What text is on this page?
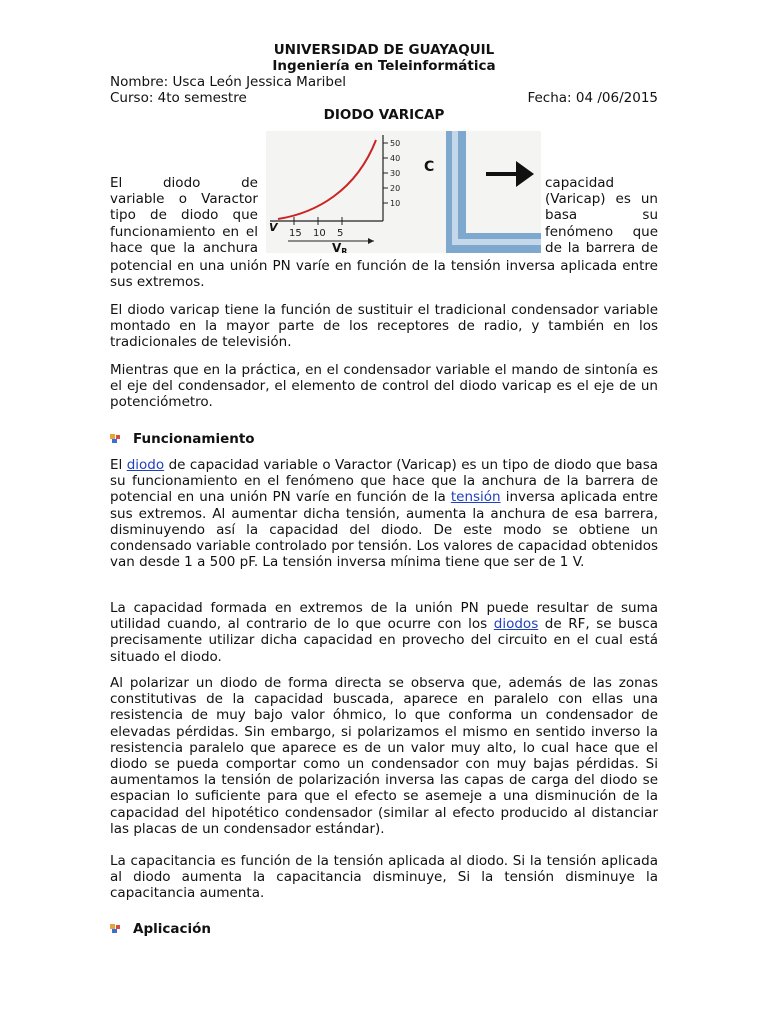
UNIVERSIDAD DE GUAYAQUIL
Ingeniería en Teleinformática
Nombre: Usca León Jessica Maribel
Curso: 4to semestre	Fecha: 04 /06/2015
DIODO VARICAP
50
40
30
20
10
15 10 5
V
VR
C
El	diodo	de
variable o Varactor
tipo de diodo que
funcionamiento en el
hace que la anchura
capacidad
(Varicap) es un
basa	su
fenómeno que
de la barrera de

potencial en una unión PN varíe en función de la tensión inversa aplicada entre sus extremos.

El diodo varicap tiene la función de sustituir el tradicional condensador variable montado en la mayor parte de los receptores de radio, y también en los tradicionales de televisión.

Mientras que en la práctica, en el condensador variable el mando de sintonía es el eje del condensador, el elemento de control del diodo varicap es el eje de un potenciómetro.

Funcionamiento

El diodo de capacidad variable o Varactor (Varicap) es un tipo de diodo que basa su funcionamiento en el fenómeno que hace que la anchura de la barrera de potencial en una unión PN varíe en función de la tensión inversa aplicada entre sus extremos. Al aumentar dicha tensión, aumenta la anchura de esa barrera, disminuyendo así la capacidad del diodo. De este modo se obtiene un condensado variable controlado por tensión. Los valores de capacidad obtenidos van desde 1 a 500 pF. La tensión inversa mínima tiene que ser de 1 V.

La capacidad formada en extremos de la unión PN puede resultar de suma utilidad cuando, al contrario de lo que ocurre con los diodos de RF, se busca precisamente utilizar dicha capacidad en provecho del circuito en el cual está situado el diodo.

Al polarizar un diodo de forma directa se observa que, además de las zonas constitutivas de la capacidad buscada, aparece en paralelo con ellas una resistencia de muy bajo valor óhmico, lo que conforma un condensador de elevadas pérdidas. Sin embargo, si polarizamos el mismo en sentido inverso la resistencia paralelo que aparece es de un valor muy alto, lo cual hace que el diodo se pueda comportar como un condensador con muy bajas pérdidas. Si aumentamos la tensión de polarización inversa las capas de carga del diodo se espacian lo suficiente para que el efecto se asemeje a una disminución de la capacidad del hipotético condensador (similar al efecto producido al distanciar las placas de un condensador estándar).

La capacitancia es función de la tensión aplicada al diodo. Si la tensión aplicada al diodo aumenta la capacitancia disminuye, Si la tensión disminuye la capacitancia aumenta.

Aplicación
